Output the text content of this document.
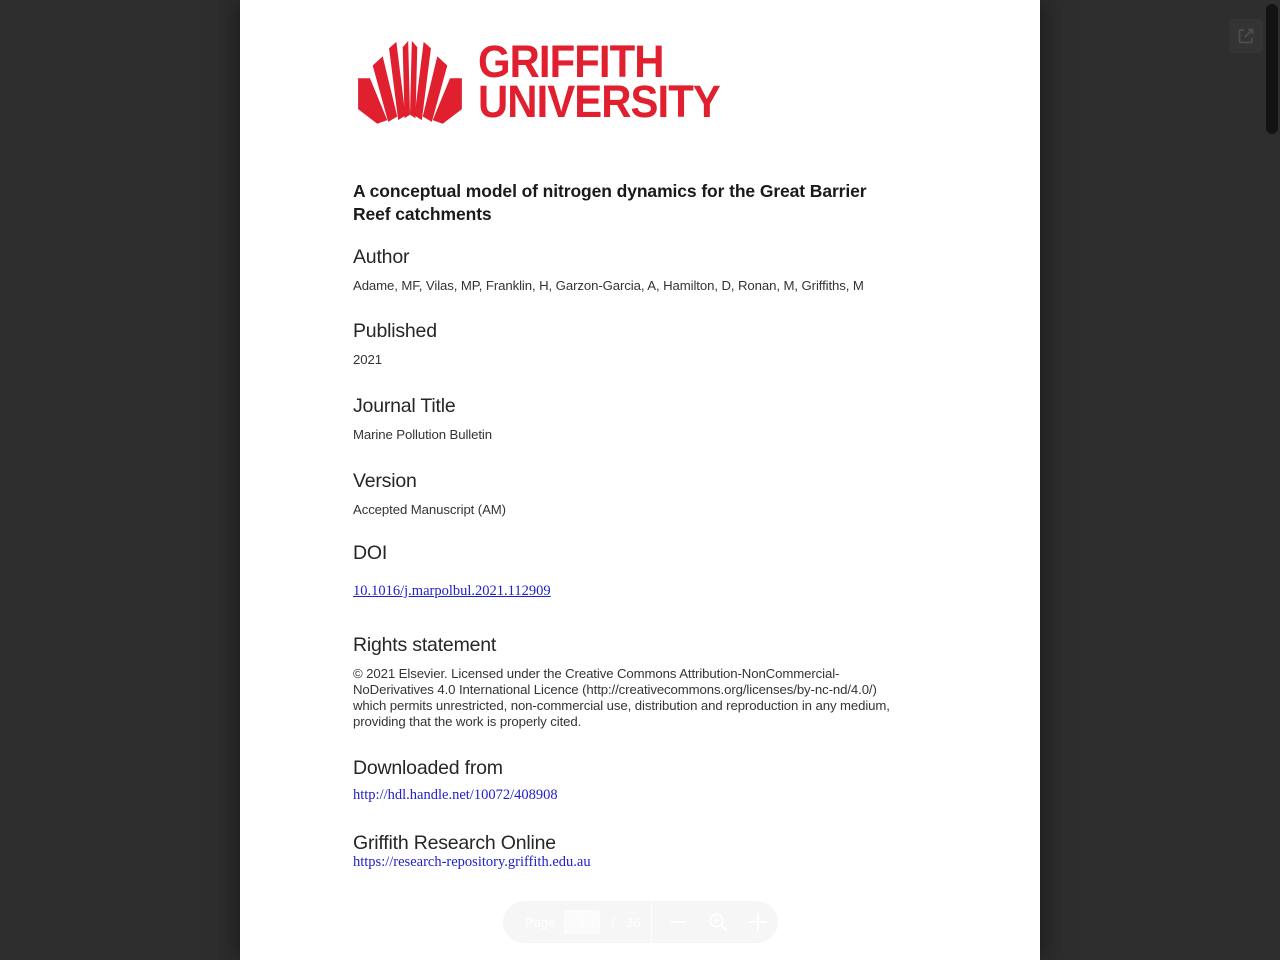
GRIFFITH
UNIVERSITY
A conceptual model of nitrogen dynamics for the Great Barrier
Reef catchments
Author
Adame, MF, Vilas, MP, Franklin, H, Garzon-Garcia, A, Hamilton, D, Ronan, M, Griffiths, M
Published
2021
Journal Title
Marine Pollution Bulletin
Version
Accepted Manuscript (AM)
DOI
10.1016/j.marpolbul.2021.112909
Rights statement
© 2021 Elsevier. Licensed under the Creative Commons Attribution-NonCommercial-
NoDerivatives 4.0 International Licence (http://creativecommons.org/licenses/by-nc-nd/4.0/)
which permits unrestricted, non-commercial use, distribution and reproduction in any medium,
providing that the work is properly cited.
Downloaded from
http://hdl.handle.net/10072/408908
Griffith Research Online
https://research-repository.griffith.edu.au
Page
1	/ 36
